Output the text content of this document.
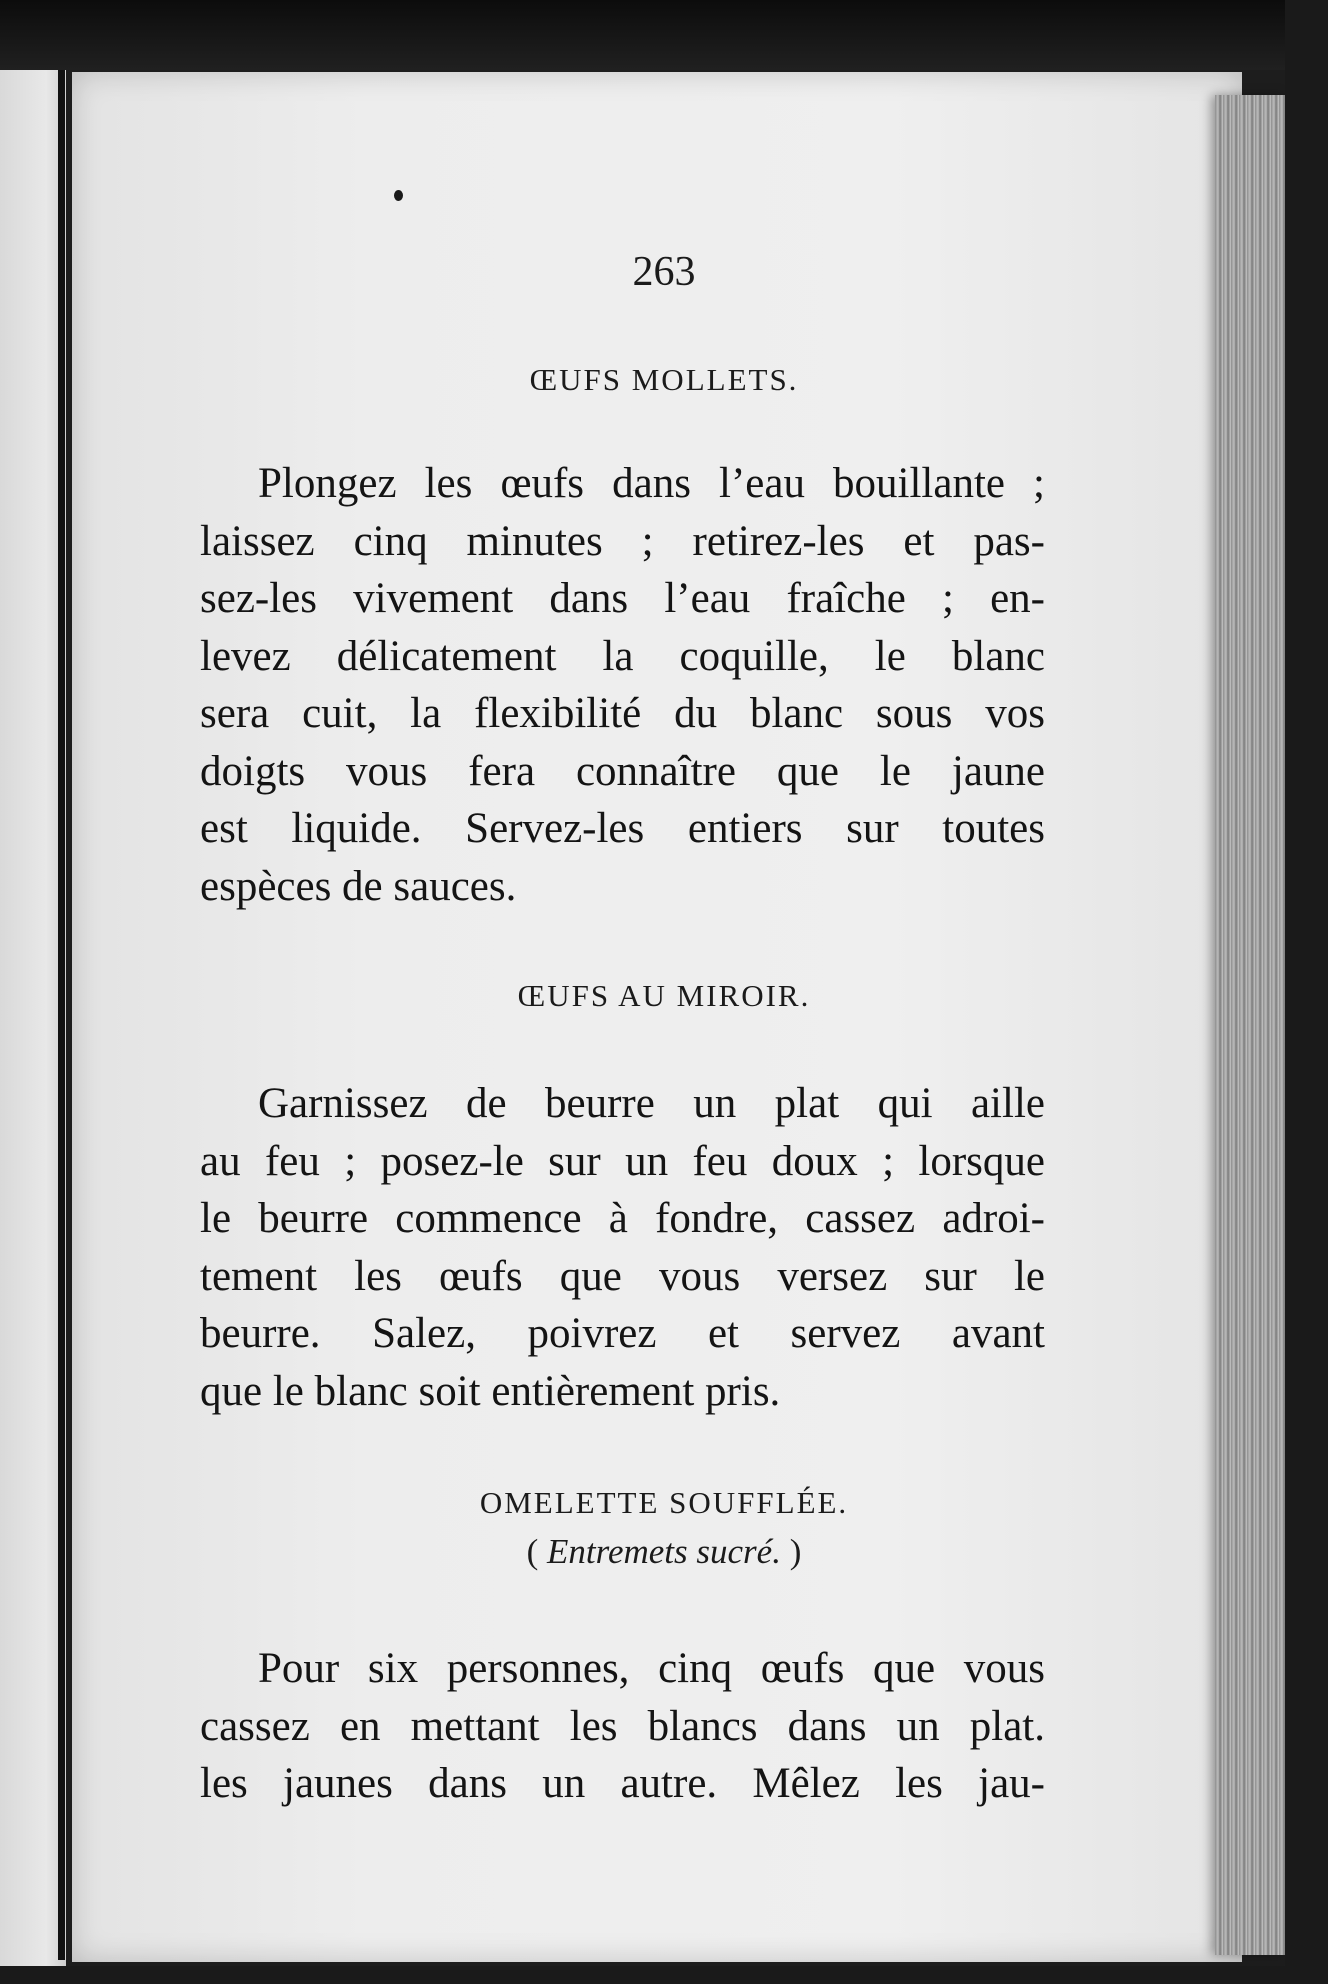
263
ŒUFS MOLLETS.
Plongez les œufs dans l’eau bouillante ;
laissez cinq minutes ; retirez-les et pas-
sez-les vivement dans l’eau fraîche ; en-
levez délicatement la coquille, le blanc
sera cuit, la flexibilité du blanc sous vos
doigts vous fera connaître que le jaune
est liquide. Servez-les entiers sur toutes
espèces de sauces.
ŒUFS AU MIROIR.
Garnissez de beurre un plat qui aille
au feu ; posez-le sur un feu doux ; lorsque
le beurre commence à fondre, cassez adroi-
tement les œufs que vous versez sur le
beurre. Salez, poivrez et servez avant
que le blanc soit entièrement pris.
OMELETTE SOUFFLÉE.
( Entremets sucré. )
Pour six personnes, cinq œufs que vous
cassez en mettant les blancs dans un plat.
les jaunes dans un autre. Mêlez les jau-
